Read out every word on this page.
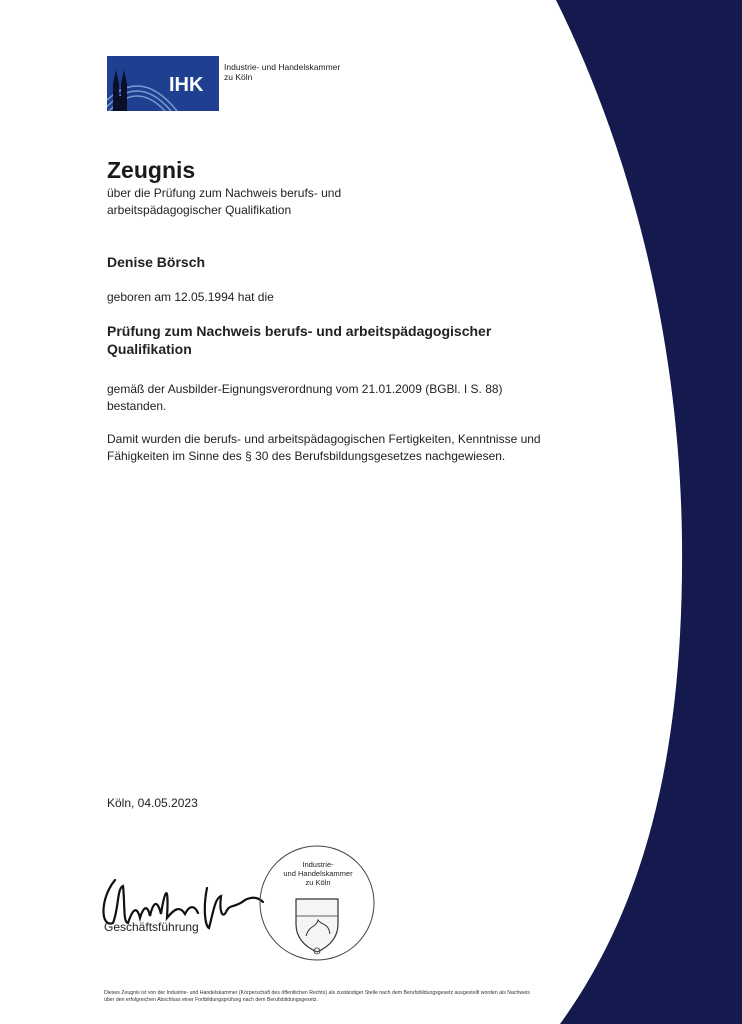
IHK
Industrie- und Handelskammer
zu Köln
Zeugnis
über die Prüfung zum Nachweis berufs- und arbeitspädagogischer Qualifikation
Denise Börsch
geboren am 12.05.1994 hat die
Prüfung zum Nachweis berufs- und arbeitspädagogischer Qualifikation
gemäß der Ausbilder-Eignungsverordnung vom 21.01.2009 (BGBl. I S. 88) bestanden.
Damit wurden die berufs- und arbeitspädagogischen Fertigkeiten, Kenntnisse und Fähigkeiten im Sinne des § 30 des Berufsbildungsgesetzes nachgewiesen.
Köln, 04.05.2023
Geschäftsführung
Industrie-
und Handelskammer
zu Köln
Dieses Zeugnis ist von der Industrie- und Handelskammer (Körperschaft des öffentlichen Rechts) als zuständiger Stelle nach dem Berufsbildungsgesetz ausgestellt worden als Nachweis über den erfolgreichen Abschluss einer Fortbildungsprüfung nach dem Berufsbildungsgesetz.
